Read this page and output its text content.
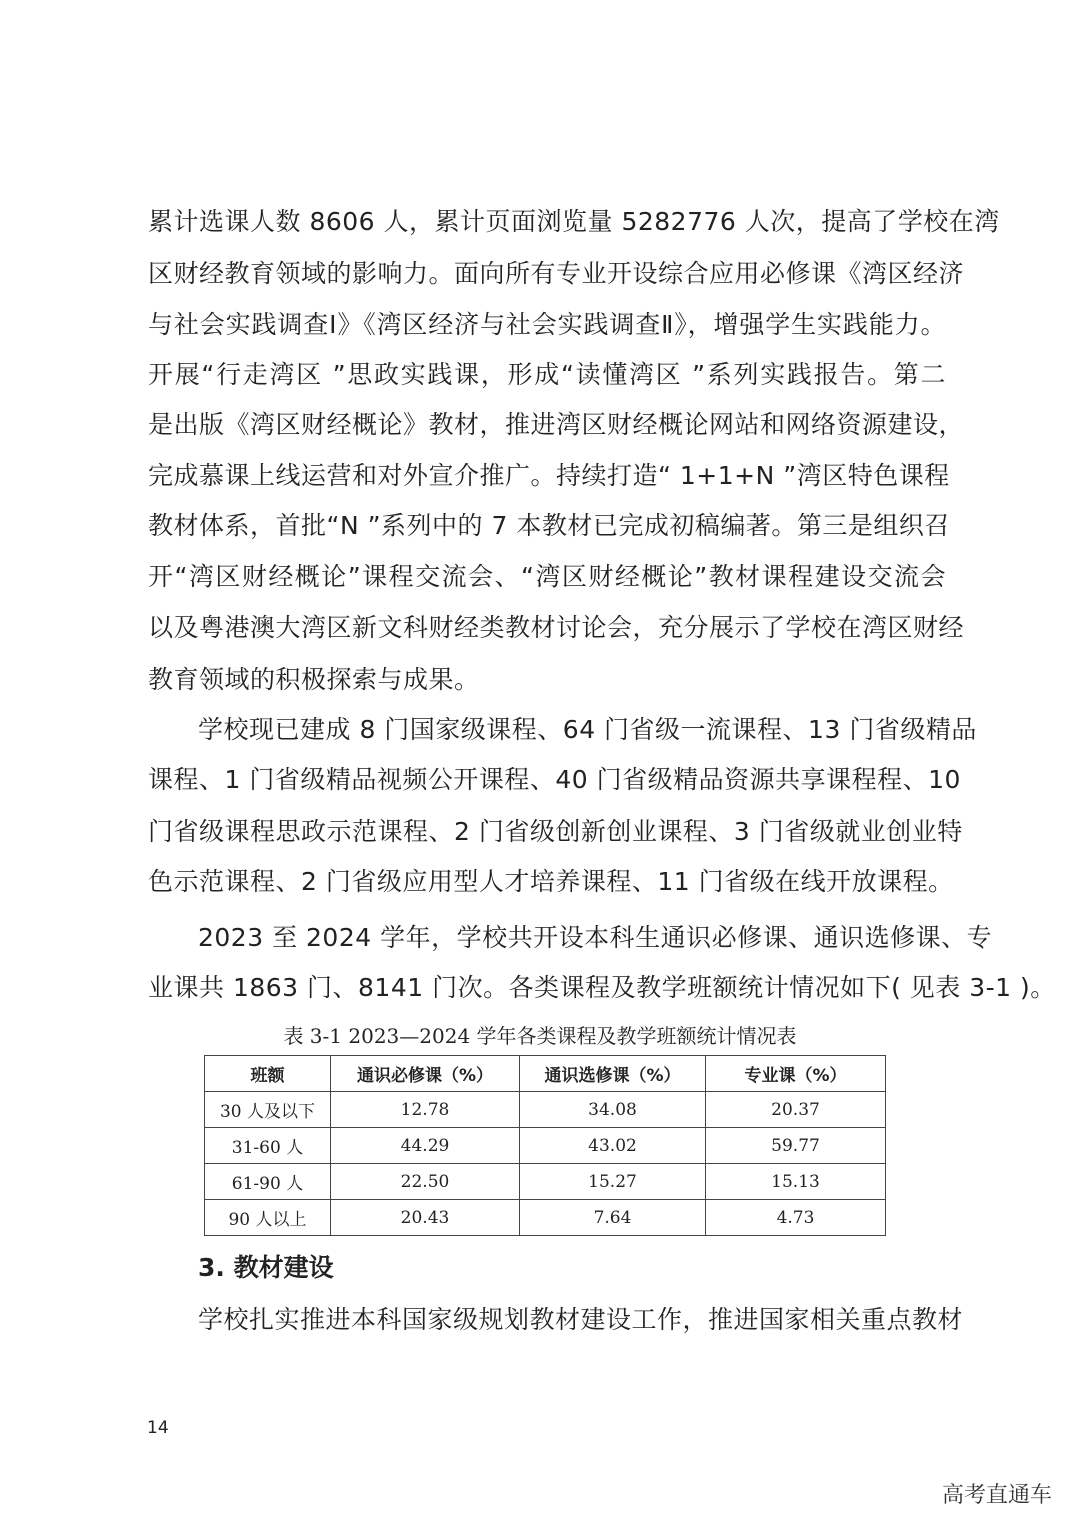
累计选课人数 8606 人，累计页面浏览量 5282776 人次，提高了学校在湾
区财经教育领域的影响力。面向所有专业开设综合应用必修课《湾区经济
与社会实践调查Ⅰ》《湾区经济与社会实践调查Ⅱ》，增强学生实践能力。
开展“行走湾区 ”思政实践课，形成“读懂湾区 ”系列实践报告。第二
是出版《湾区财经概论》教材，推进湾区财经概论网站和网络资源建设，
完成慕课上线运营和对外宣介推广。持续打造“ 1+1+N ”湾区特色课程
教材体系，首批“N ”系列中的 7 本教材已完成初稿编著。第三是组织召
开“湾区财经概论”课程交流会、“湾区财经概论”教材课程建设交流会
以及粤港澳大湾区新文科财经类教材讨论会，充分展示了学校在湾区财经
教育领域的积极探索与成果。
学校现已建成 8 门国家级课程、64 门省级一流课程、13 门省级精品
课程、1 门省级精品视频公开课程、40 门省级精品资源共享课程程、10
门省级课程思政示范课程、2 门省级创新创业课程、3 门省级就业创业特
色示范课程、2 门省级应用型人才培养课程、11 门省级在线开放课程。
2023 至 2024 学年，学校共开设本科生通识必修课、通识选修课、专
业课共 1863 门、8141 门次。各类课程及教学班额统计情况如下( 见表 3-1 )。
表 3-1 2023—2024 学年各类课程及教学班额统计情况表
班额	通识必修课（%）	通识选修课（%）	专业课（%）
30 人及以下	12.78	34.08	20.37
31-60 人	44.29	43.02	59.77
61-90 人	22.50	15.27	15.13
90 人以上	20.43	7.64	4.73
3. 教材建设
学校扎实推进本科国家级规划教材建设工作，推进国家相关重点教材
14
高考直通车
